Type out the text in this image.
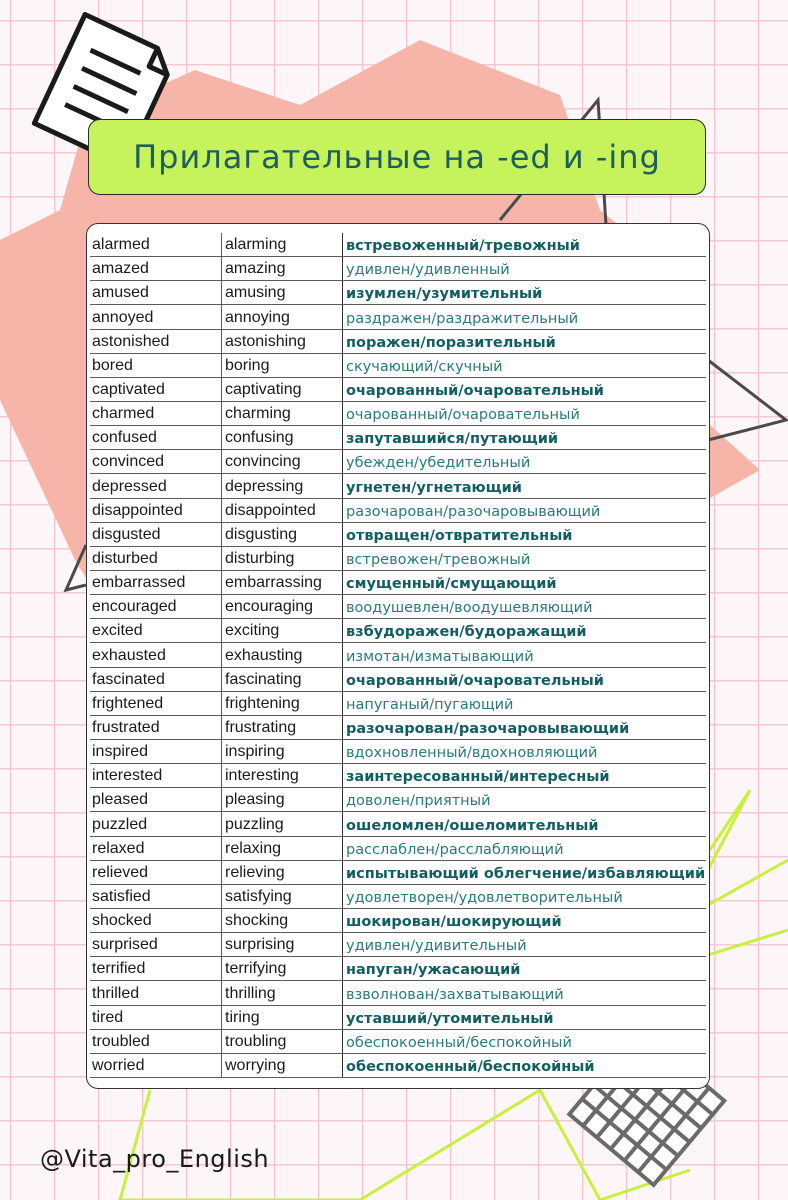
Прилагательные на -ed и -ing
alarmed	alarming	встревоженный/тревожный
amazed	amazing	удивлен/удивленный
amused	amusing	изумлен/узумительный
annoyed	annoying	раздражен/раздражительный
astonished	astonishing	поражен/поразительный
bored	boring	скучающий/скучный
captivated	captivating	очарованный/очаровательный
charmed	charming	очарованный/очаровательный
confused	confusing	запутавшийся/путающий
convinced	convincing	убежден/убедительный
depressed	depressing	угнетен/угнетающий
disappointed	disappointed	разочарован/разочаровывающий
disgusted	disgusting	отвращен/отвратительный
disturbed	disturbing	встревожен/тревожный
embarrassed	embarrassing	смущенный/смущающий
encouraged	encouraging	воодушевлен/воодушевляющий
excited	exciting	взбудоражен/будоражащий
exhausted	exhausting	измотан/изматывающий
fascinated	fascinating	очарованный/очаровательный
frightened	frightening	напуганый/пугающий
frustrated	frustrating	разочарован/разочаровывающий
inspired	inspiring	вдохновленный/вдохновляющий
interested	interesting	заинтересованный/интересный
pleased	pleasing	доволен/приятный
puzzled	puzzling	ошеломлен/ошеломительный
relaxed	relaxing	расслаблен/расслабляющий
relieved	relieving	испытывающий облегчение/избавляющий
satisfied	satisfying	удовлетворен/удовлетворительный
shocked	shocking	шокирован/шокирующий
surprised	surprising	удивлен/удивительный
terrified	terrifying	напуган/ужасающий
thrilled	thrilling	взволнован/захватывающий
tired	tiring	уставший/утомительный
troubled	troubling	обеспокоенный/беспокойный
worried	worrying	обеспокоенный/беспокойный
@Vita_pro_English
